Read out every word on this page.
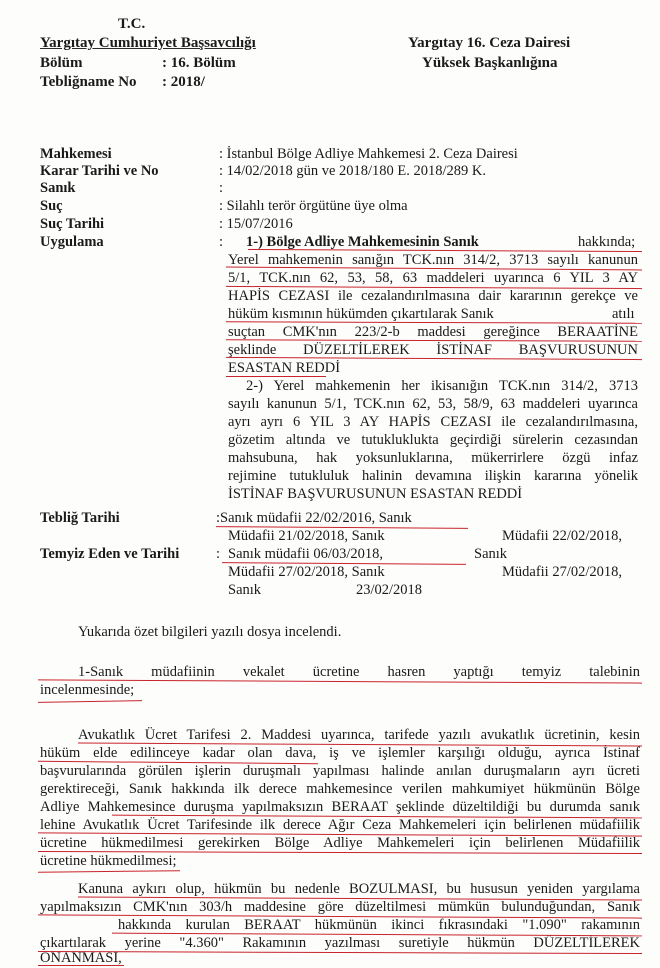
T.C.
Yargıtay Cumhuriyet Başsavcılığı
Bölüm	: 16. Bölüm
Tebliğname No : 2018/
Yargıtay 16. Ceza Dairesi
Yüksek Başkanlığına
Mahkemesi	: İstanbul Bölge Adliye Mahkemesi 2. Ceza Dairesi
Karar Tarihi ve No	: 14/02/2018 gün ve 2018/180 E. 2018/289 K.
Sanık	:
Suç	: Silahlı terör örgütüne üye olma
Suç Tarihi	: 15/07/2016
Uygulama	: 1-) Bölge Adliye Mahkemesinin Sanık	hakkında;
Yerel mahkemenin sanığın TCK.nın 314/2, 3713 sayılı kanunun
5/1, TCK.nın 62, 53, 58, 63 maddeleri uyarınca 6 YIL 3 AY
HAPİS CEZASI ile cezalandırılmasına dair kararının gerekçe ve
hüküm kısmının hükümden çıkartılarak Sanık	atılı
suçtan CMK'nın 223/2-b maddesi gereğince BERAATİNE
şeklinde DÜZELTİLEREK İSTİNAF BAŞVURUSUNUN
ESASTAN REDDİ
2-) Yerel mahkemenin her ikisanığın TCK.nın 314/2, 3713
sayılı kanunun 5/1, TCK.nın 62, 53, 58/9, 63 maddeleri uyarınca
ayrı ayrı 6 YIL 3 AY HAPİS CEZASI ile cezalandırılmasına,
gözetim altında ve tutukluklukta geçirdiği sürelerin cezasından
mahsubuna, hak yoksunluklarına, mükerrirlere özgü infaz
rejimine tutukluluk halinin devamına ilişkin kararına yönelik
İSTİNAF BAŞVURUSUNUN ESASTAN REDDİ
Tebliğ Tarihi	:Sanık müdafii 22/02/2016, Sanık
Müdafii 21/02/2018, Sanık	Müdafii 22/02/2018,
Temyiz Eden ve Tarihi	: Sanık müdafii 06/03/2018,	Sanık
Müdafii 27/02/2018, Sanık	Müdafii 27/02/2018,
Sanık	23/02/2018
Yukarıda özet bilgileri yazılı dosya incelendi.
1-Sanık müdafiinin vekalet ücretine hasren yaptığı temyiz talebinin
incelenmesinde;
Avukatlık Ücret Tarifesi 2. Maddesi uyarınca, tarifede yazılı avukatlık ücretinin, kesin
hüküm elde edilinceye kadar olan dava, iş ve işlemler karşılığı olduğu, ayrıca İstinaf
başvurularında görülen işlerin duruşmalı yapılması halinde anılan duruşmaların ayrı ücreti
gerektireceği, Sanık hakkında ilk derece mahkemesince verilen mahkumiyet hükmünün Bölge
Adliye Mahkemesince duruşma yapılmaksızın BERAAT şeklinde düzeltildiği bu durumda sanık
lehine Avukatlık Ücret Tarifesinde ilk derece Ağır Ceza Mahkemeleri için belirlenen müdafiilik
ücretine hükmedilmesi gerekirken Bölge Adliye Mahkemeleri için belirlenen Müdafiilik
ücretine hükmedilmesi;
Kanuna aykırı olup, hükmün bu nedenle BOZULMASI, bu hususun yeniden yargılama
yapılmaksızın CMK'nın 303/h maddesine göre düzeltilmesi mümkün bulunduğundan, Sanık
hakkında kurulan BERAAT hükmünün ikinci fıkrasındaki "1.090" rakamının
çıkartılarak yerine "4.360" Rakamının yazılması suretiyle hükmün DÜZELTİLEREK
ONANMASI,
